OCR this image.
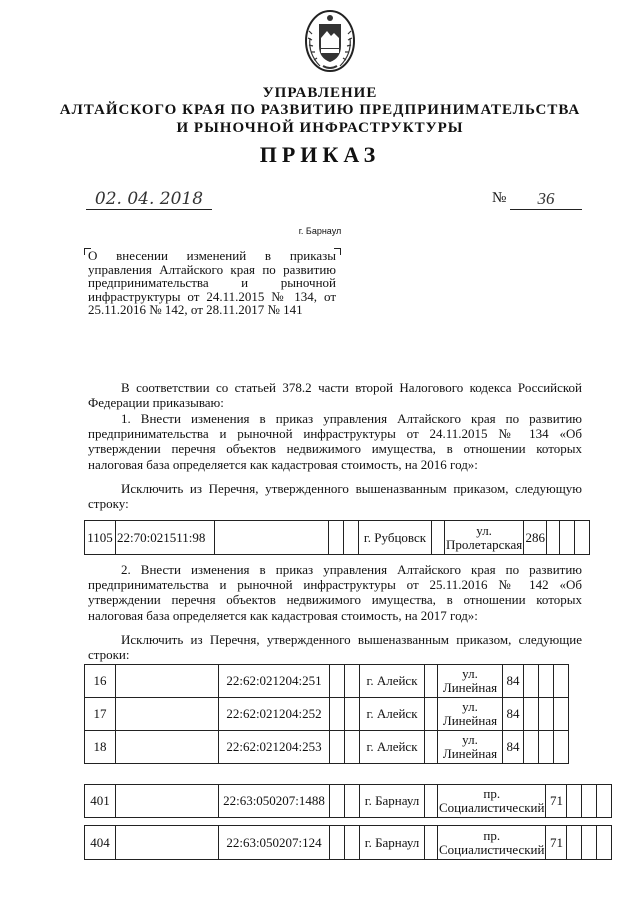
УПРАВЛЕНИЕ
АЛТАЙСКОГО КРАЯ ПО РАЗВИТИЮ ПРЕДПРИНИМАТЕЛЬСТВА
И РЫНОЧНОЙ ИНФРАСТРУКТУРЫ
ПРИКАЗ
02. 04. 2018	№	36
г. Барнаул
О внесении изменений в приказы управления Алтайского края по развитию предпринимательства и рыночной инфраструктуры от 24.11.2015 № 134, от 25.11.2016 № 142, от 28.11.2017 № 141
В соответствии со статьей 378.2 части второй Налогового кодекса Российской Федерации приказываю:
1. Внести изменения в приказ управления Алтайского края по развитию предпринимательства и рыночной инфраструктуры от 24.11.2015 № 134 «Об утверждении перечня объектов недвижимого имущества, в отношении которых налоговая база определяется как кадастровая стоимость, на 2016 год»:
Исключить из Перечня, утвержденного вышеназванным приказом, следующую строку:
1105	22:70:021511:98				г. Рубцовск		ул. Пролетарская	286			
2. Внести изменения в приказ управления Алтайского края по развитию предпринимательства и рыночной инфраструктуры от 25.11.2016 № 142 «Об утверждении перечня объектов недвижимого имущества, в отношении которых налоговая база определяется как кадастровая стоимость, на 2017 год»:
Исключить из Перечня, утвержденного вышеназванным приказом, следующие строки:
16		22:62:021204:251			г. Алейск		ул. Линейная	84			
17		22:62:021204:252			г. Алейск		ул. Линейная	84			
18		22:62:021204:253			г. Алейск		ул. Линейная	84			
401		22:63:050207:1488			г. Барнаул		пр. Социалистический	71			
404		22:63:050207:124			г. Барнаул		пр. Социалистический	71			
